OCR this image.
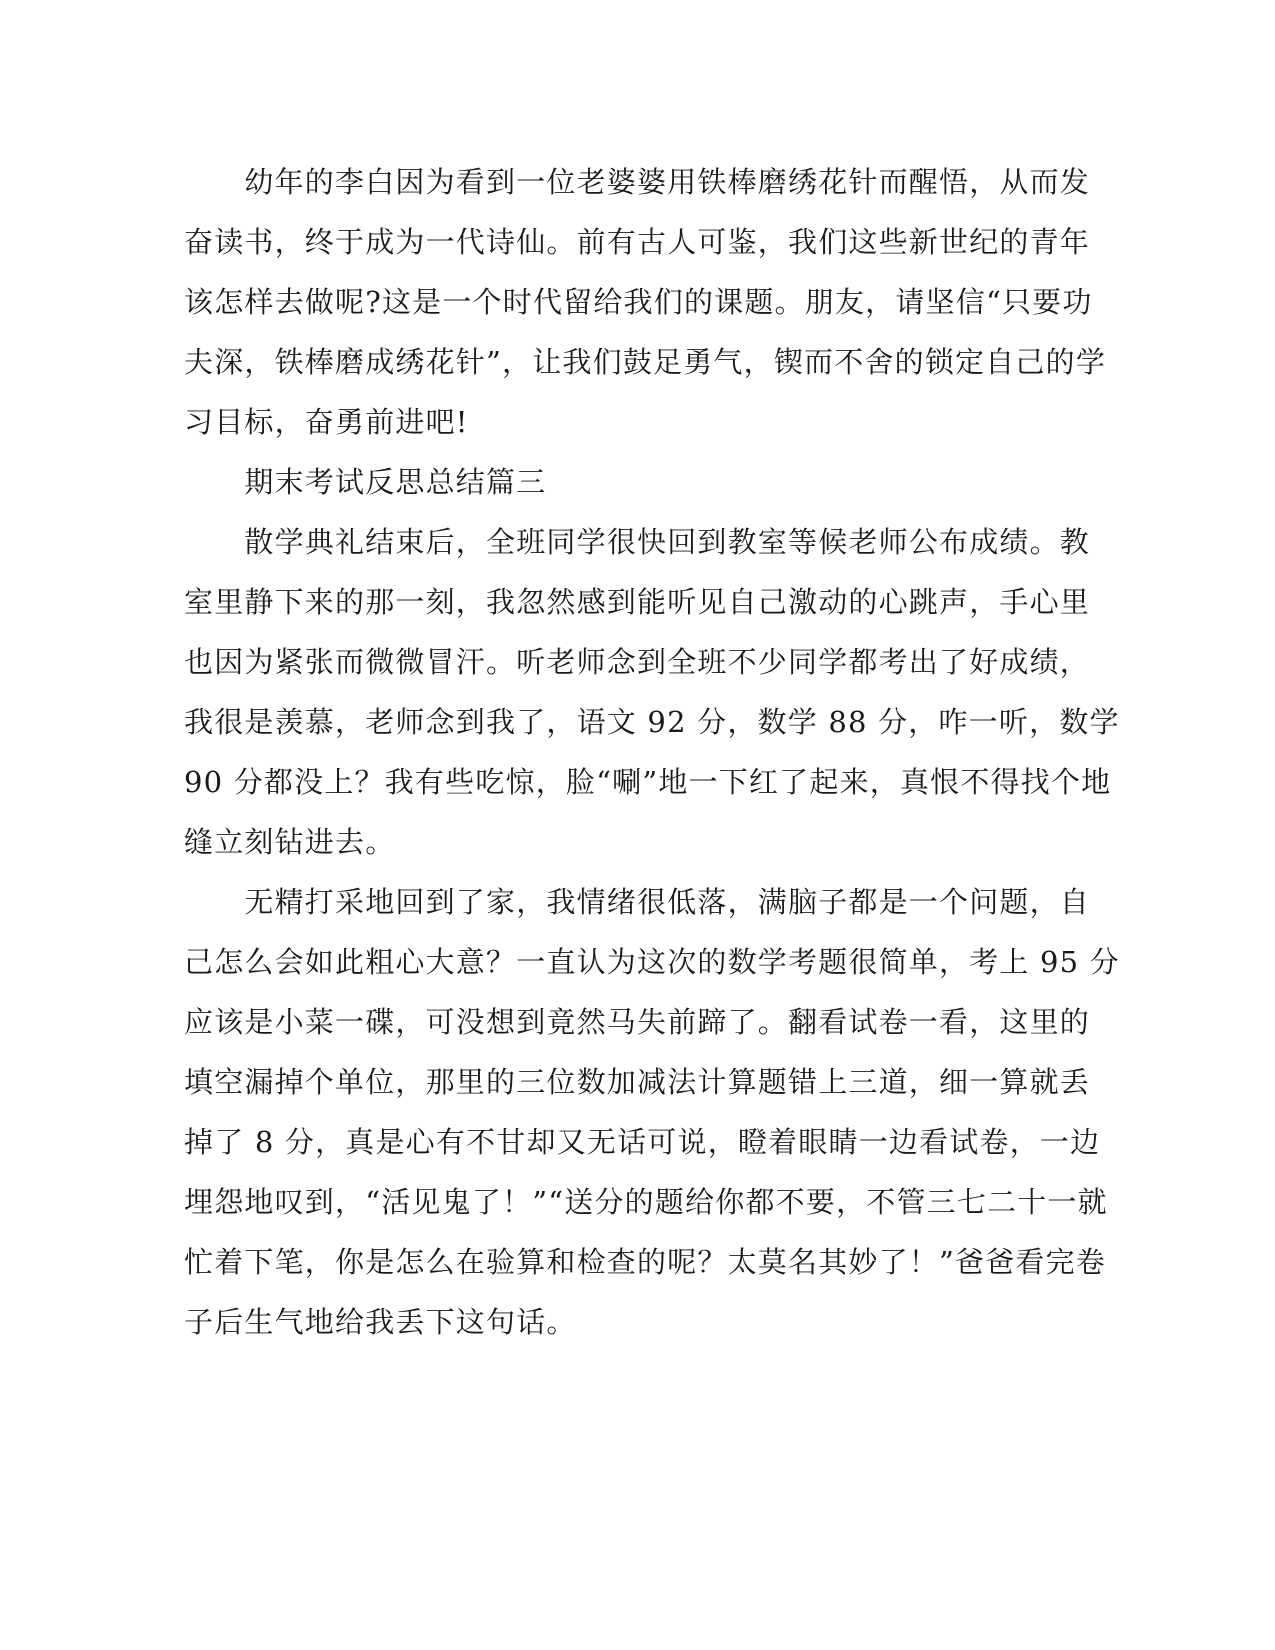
　　幼年的李白因为看到一位老婆婆用铁棒磨绣花针而醒悟，从而发
奋读书，终于成为一代诗仙。前有古人可鉴，我们这些新世纪的青年
该怎样去做呢?这是一个时代留给我们的课题。朋友，请坚信“只要功
夫深，铁棒磨成绣花针”，让我们鼓足勇气，锲而不舍的锁定自己的学
习目标，奋勇前进吧!
　　期末考试反思总结篇三
　　散学典礼结束后，全班同学很快回到教室等候老师公布成绩。教
室里静下来的那一刻，我忽然感到能听见自己激动的心跳声，手心里
也因为紧张而微微冒汗。听老师念到全班不少同学都考出了好成绩，
我很是羡慕，老师念到我了，语文 92 分，数学 88 分，咋一听，数学
90 分都没上？我有些吃惊，脸“唰”地一下红了起来，真恨不得找个地
缝立刻钻进去。
　　无精打采地回到了家，我情绪很低落，满脑子都是一个问题，自
己怎么会如此粗心大意？一直认为这次的数学考题很简单，考上 95 分
应该是小菜一碟，可没想到竟然马失前蹄了。翻看试卷一看，这里的
填空漏掉个单位，那里的三位数加减法计算题错上三道，细一算就丢
掉了 8 分，真是心有不甘却又无话可说，瞪着眼睛一边看试卷，一边
埋怨地叹到，“活见鬼了！”“送分的题给你都不要，不管三七二十一就
忙着下笔，你是怎么在验算和检查的呢？太莫名其妙了！”爸爸看完卷
子后生气地给我丢下这句话。
